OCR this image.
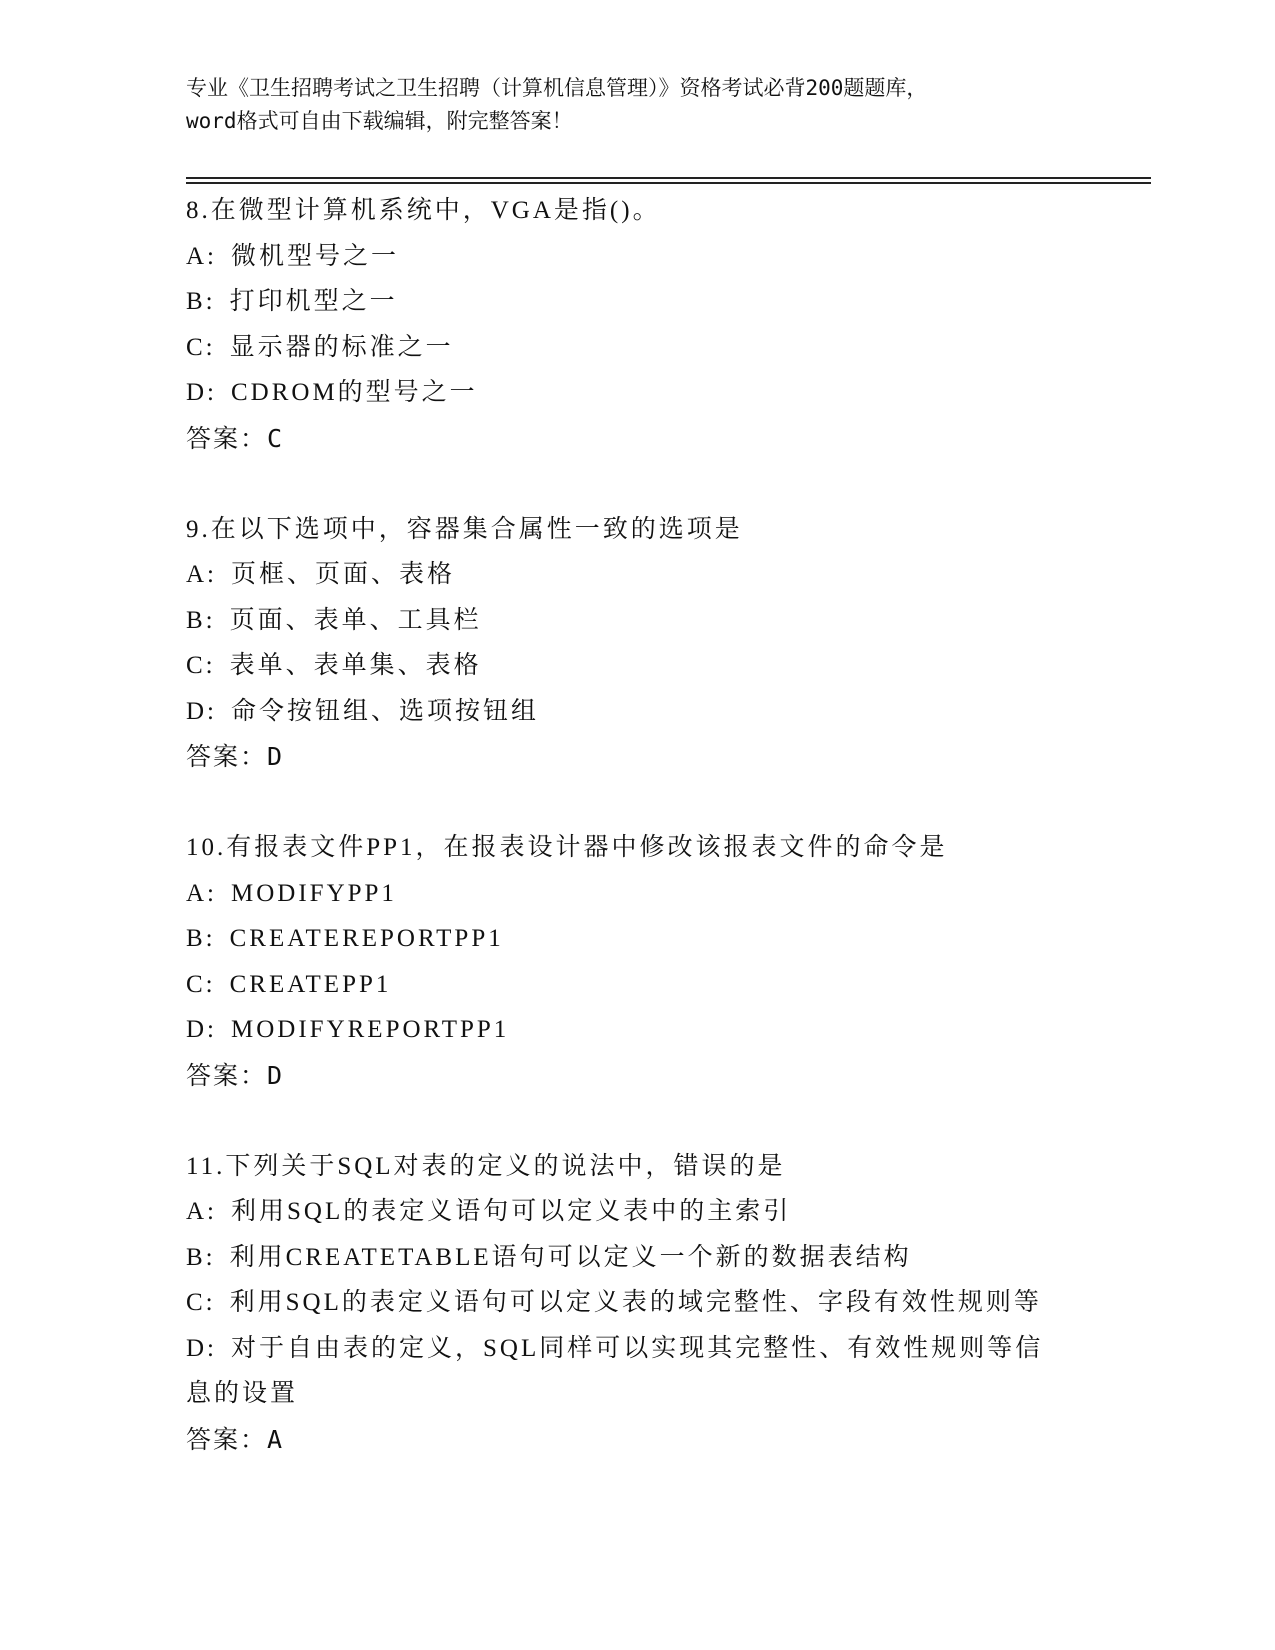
专业《卫生招聘考试之卫生招聘（计算机信息管理）》资格考试必背200题题库，
word格式可自由下载编辑，附完整答案！
8.在微型计算机系统中，VGA是指()。
A: 微机型号之一
B: 打印机型之一
C: 显示器的标准之一
D: CDROM的型号之一
答案：C
9.在以下选项中，容器集合属性一致的选项是
A: 页框、页面、表格
B: 页面、表单、工具栏
C: 表单、表单集、表格
D: 命令按钮组、选项按钮组
答案：D
10.有报表文件PP1，在报表设计器中修改该报表文件的命令是
A: MODIFYPP1
B: CREATEREPORTPP1
C: CREATEPP1
D: MODIFYREPORTPP1
答案：D
11.下列关于SQL对表的定义的说法中，错误的是
A: 利用SQL的表定义语句可以定义表中的主索引
B: 利用CREATETABLE语句可以定义一个新的数据表结构
C: 利用SQL的表定义语句可以定义表的域完整性、字段有效性规则等
D: 对于自由表的定义，SQL同样可以实现其完整性、有效性规则等信息的设置
答案：A
